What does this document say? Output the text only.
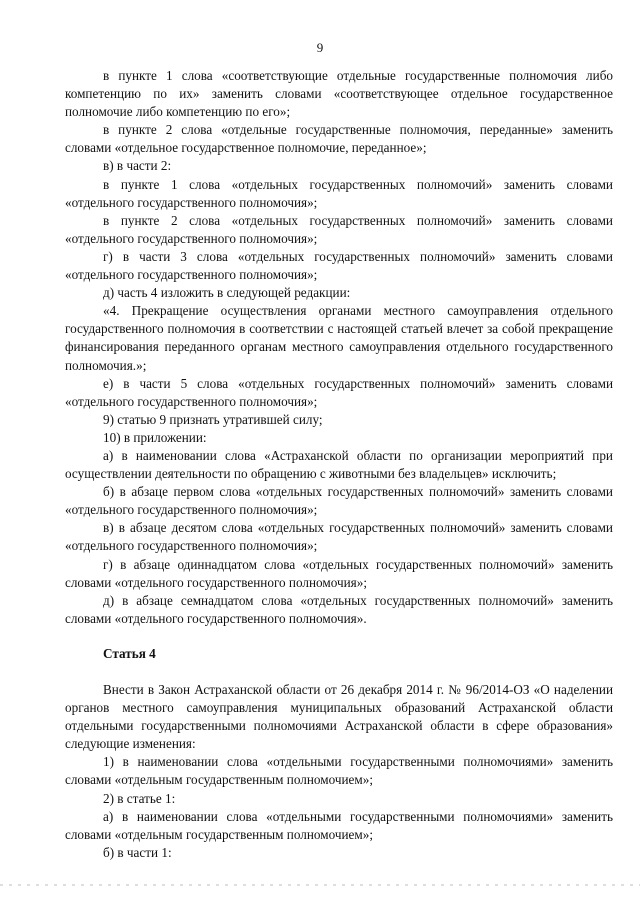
9

в пункте 1 слова «соответствующие отдельные государственные полномочия либо компетенцию по их» заменить словами «соответствующее отдельное государственное полномочие либо компетенцию по его»;

в пункте 2 слова «отдельные государственные полномочия, переданные» заменить словами «отдельное государственное полномочие, переданное»;

в) в части 2:

в пункте 1 слова «отдельных государственных полномочий» заменить словами «отдельного государственного полномочия»;

в пункте 2 слова «отдельных государственных полномочий» заменить словами «отдельного государственного полномочия»;

г) в части 3 слова «отдельных государственных полномочий» заменить словами «отдельного государственного полномочия»;

д) часть 4 изложить в следующей редакции:

«4. Прекращение осуществления органами местного самоуправления отдельного государственного полномочия в соответствии с настоящей статьей влечет за собой прекращение финансирования переданного органам местного самоуправления отдельного государственного полномочия.»;

е) в части 5 слова «отдельных государственных полномочий» заменить словами «отдельного государственного полномочия»;

9) статью 9 признать утратившей силу;

10) в приложении:

а) в наименовании слова «Астраханской области по организации мероприятий при осуществлении деятельности по обращению с животными без владельцев» исключить;

б) в абзаце первом слова «отдельных государственных полномочий» заменить словами «отдельного государственного полномочия»;

в) в абзаце десятом слова «отдельных государственных полномочий» заменить словами «отдельного государственного полномочия»;

г) в абзаце одиннадцатом слова «отдельных государственных полномочий» заменить словами «отдельного государственного полномочия»;

д) в абзаце семнадцатом слова «отдельных государственных полномочий» заменить словами «отдельного государственного полномочия».

Статья 4

Внести в Закон Астраханской области от 26 декабря 2014 г. № 96/2014-ОЗ «О наделении органов местного самоуправления муниципальных образований Астраханской области отдельными государственными полномочиями Астраханской области в сфере образования» следующие изменения:

1) в наименовании слова «отдельными государственными полномочиями» заменить словами «отдельным государственным полномочием»;

2) в статье 1:

а) в наименовании слова «отдельными государственными полномочиями» заменить словами «отдельным государственным полномочием»;

б) в части 1:
